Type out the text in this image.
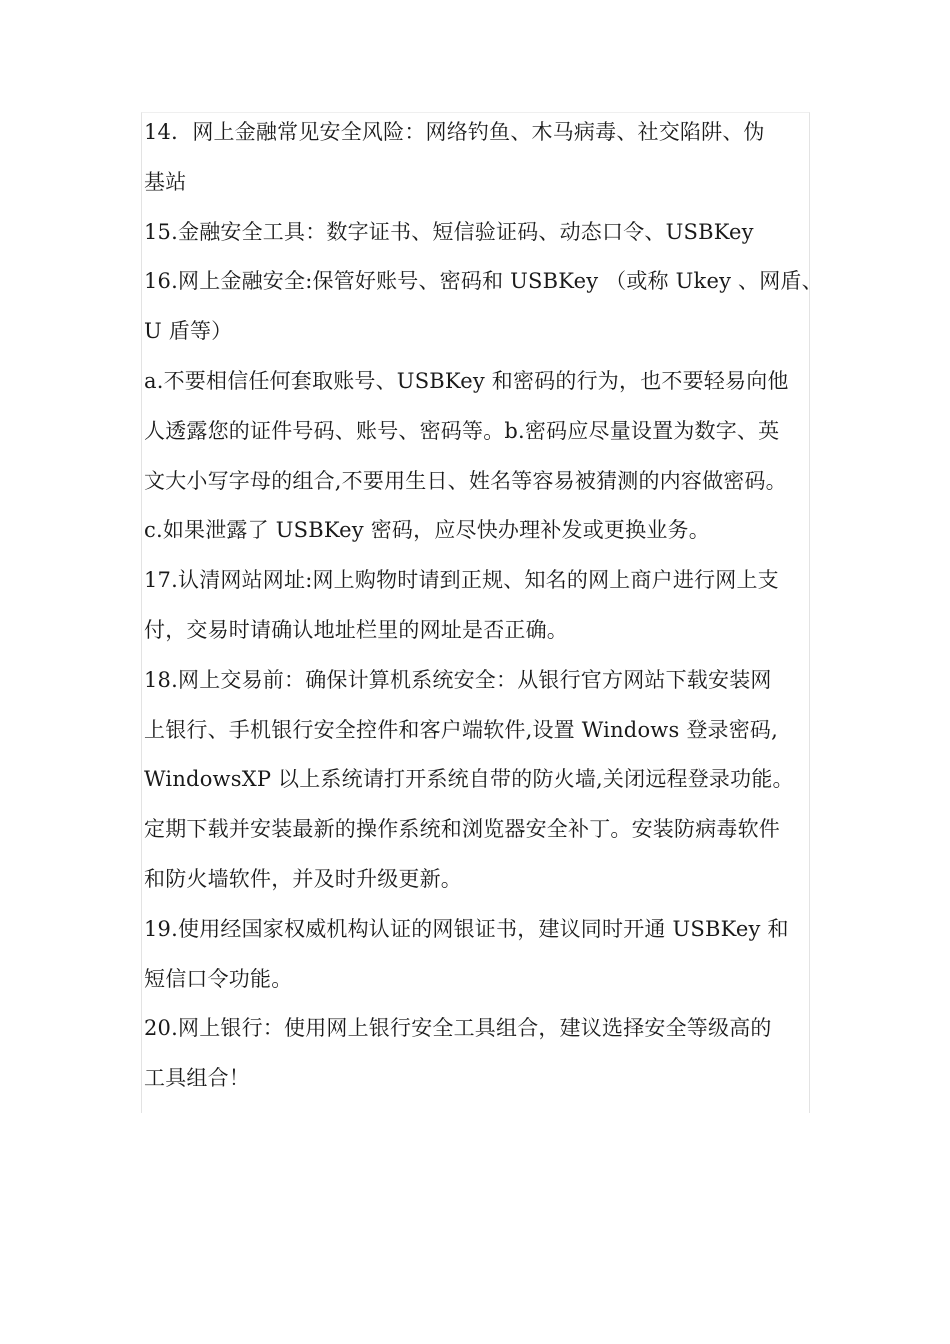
14．网上金融常见安全风险：网络钓鱼、木马病毒、社交陷阱、伪
基站
15.金融安全工具：数字证书、短信验证码、动态口令、USBKey
16.网上金融安全:保管好账号、密码和 USBKey （或称 Ukey 、网盾、
U 盾等）
a.不要相信任何套取账号、USBKey 和密码的行为，也不要轻易向他
人透露您的证件号码、账号、密码等。b.密码应尽量设置为数字、英
文大小写字母的组合,不要用生日、姓名等容易被猜测的内容做密码。
c.如果泄露了 USBKey 密码，应尽快办理补发或更换业务。
17.认清网站网址:网上购物时请到正规、知名的网上商户进行网上支
付，交易时请确认地址栏里的网址是否正确。
18.网上交易前：确保计算机系统安全：从银行官方网站下载安装网
上银行、手机银行安全控件和客户端软件,设置 Windows 登录密码,
WindowsXP 以上系统请打开系统自带的防火墙,关闭远程登录功能。
定期下载并安装最新的操作系统和浏览器安全补丁。安装防病毒软件
和防火墙软件，并及时升级更新。
19.使用经国家权威机构认证的网银证书，建议同时开通 USBKey 和
短信口令功能。
20.网上银行：使用网上银行安全工具组合，建议选择安全等级高的
工具组合！
